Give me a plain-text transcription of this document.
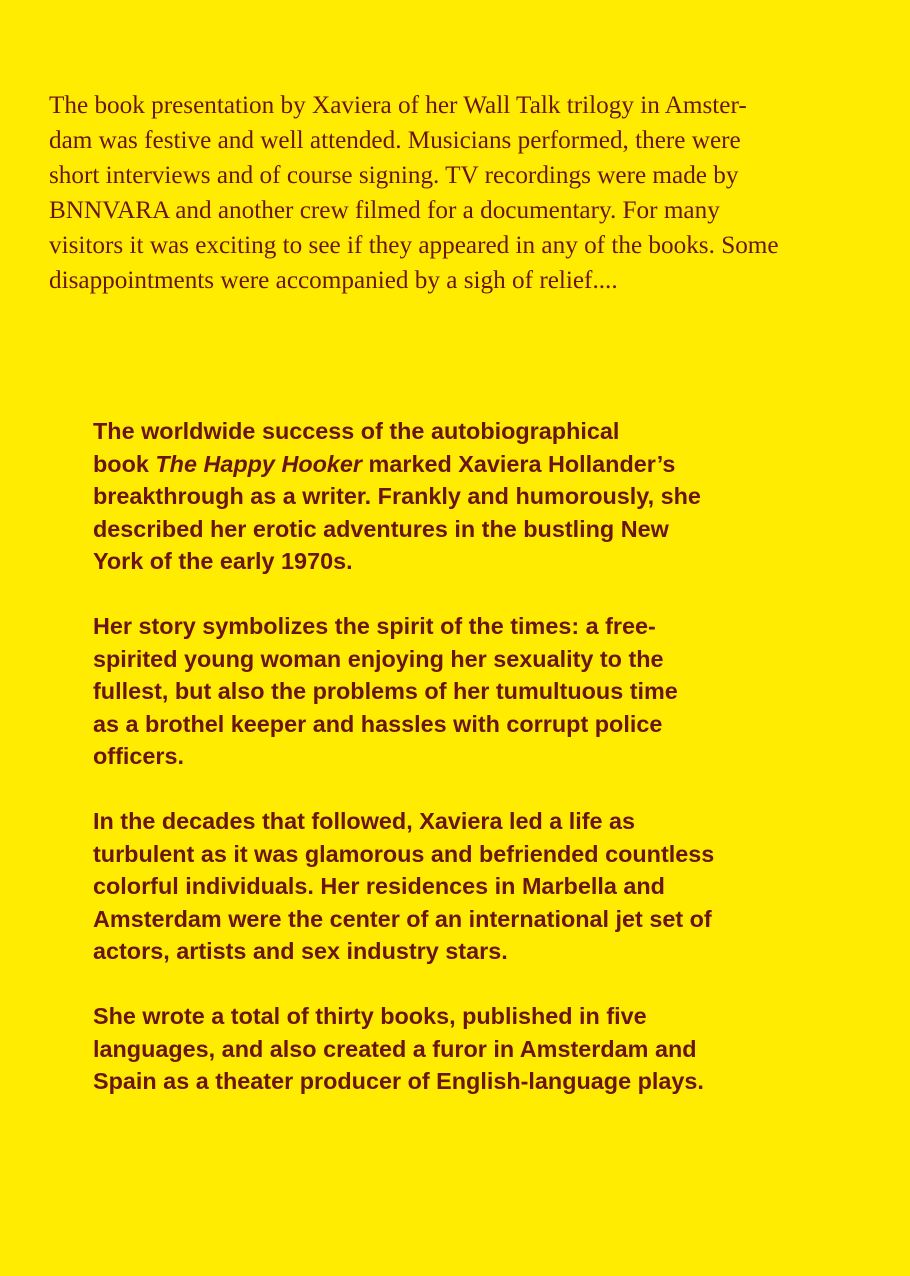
The book presentation by Xaviera of her Wall Talk trilogy in Amster-
dam was festive and well attended. Musicians performed, there were
short interviews and of course signing. TV recordings were made by
BNNVARA and another crew filmed for a documentary. For many
visitors it was exciting to see if they appeared in any of the books. Some
disappointments were accompanied by a sigh of relief....

The worldwide success of the autobiographical
book The Happy Hooker marked Xaviera Hollander’s
breakthrough as a writer. Frankly and humorously, she
described her erotic adventures in the bustling New
York of the early 1970s.

Her story symbolizes the spirit of the times: a free-
spirited young woman enjoying her sexuality to the
fullest, but also the problems of her tumultuous time
as a brothel keeper and hassles with corrupt police
officers.

In the decades that followed, Xaviera led a life as
turbulent as it was glamorous and befriended countless
colorful individuals. Her residences in Marbella and
Amsterdam were the center of an international jet set of
actors, artists and sex industry stars.

She wrote a total of thirty books, published in five
languages, and also created a furor in Amsterdam and
Spain as a theater producer of English-language plays.
